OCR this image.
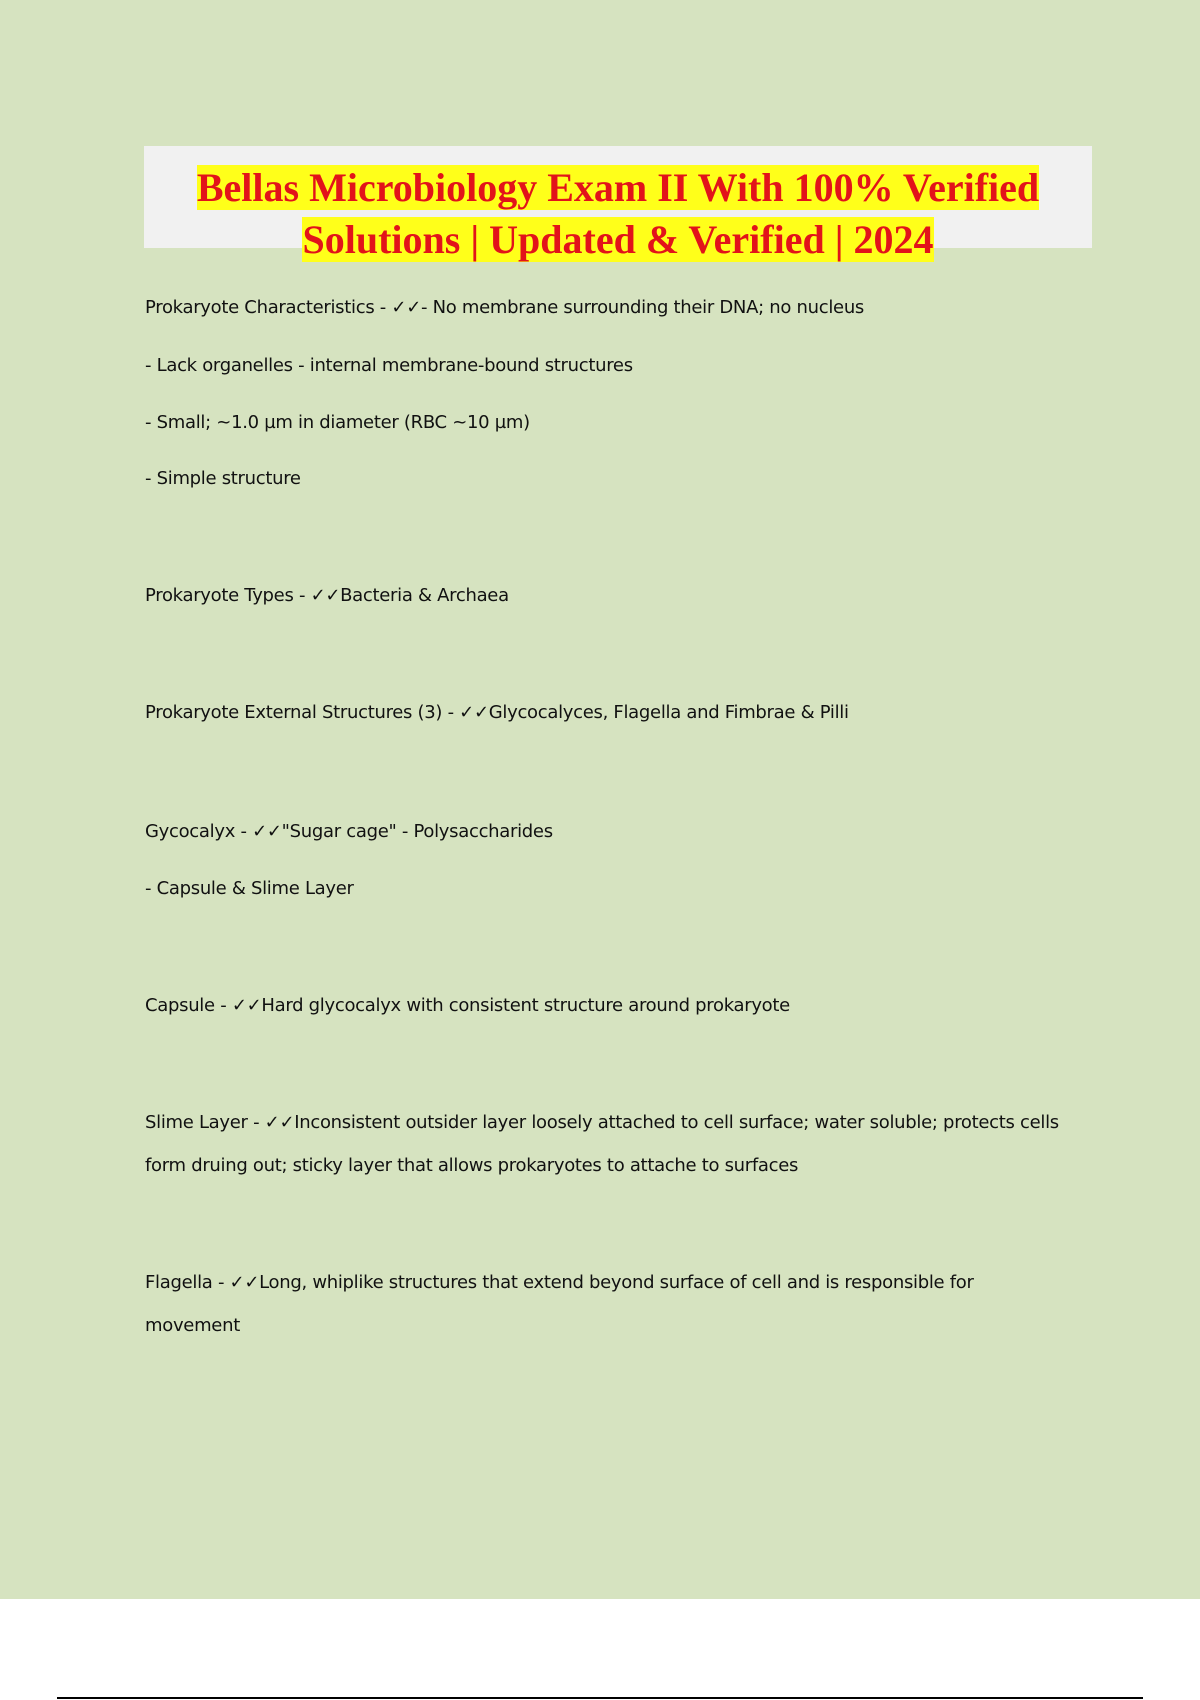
Bellas Microbiology Exam II With 100% Verified
Solutions | Updated & Verified | 2024
Prokaryote Characteristics - ✓✓- No membrane surrounding their DNA; no nucleus
- Lack organelles - internal membrane-bound structures
- Small; ~1.0 µm in diameter (RBC ~10 µm)
- Simple structure
Prokaryote Types - ✓✓Bacteria & Archaea
Prokaryote External Structures (3) - ✓✓Glycocalyces, Flagella and Fimbrae & Pilli
Gycocalyx - ✓✓"Sugar cage" - Polysaccharides
- Capsule & Slime Layer
Capsule - ✓✓Hard glycocalyx with consistent structure around prokaryote
Slime Layer - ✓✓Inconsistent outsider layer loosely attached to cell surface; water soluble; protects cells
form druing out; sticky layer that allows prokaryotes to attache to surfaces
Flagella - ✓✓Long, whiplike structures that extend beyond surface of cell and is responsible for
movement
